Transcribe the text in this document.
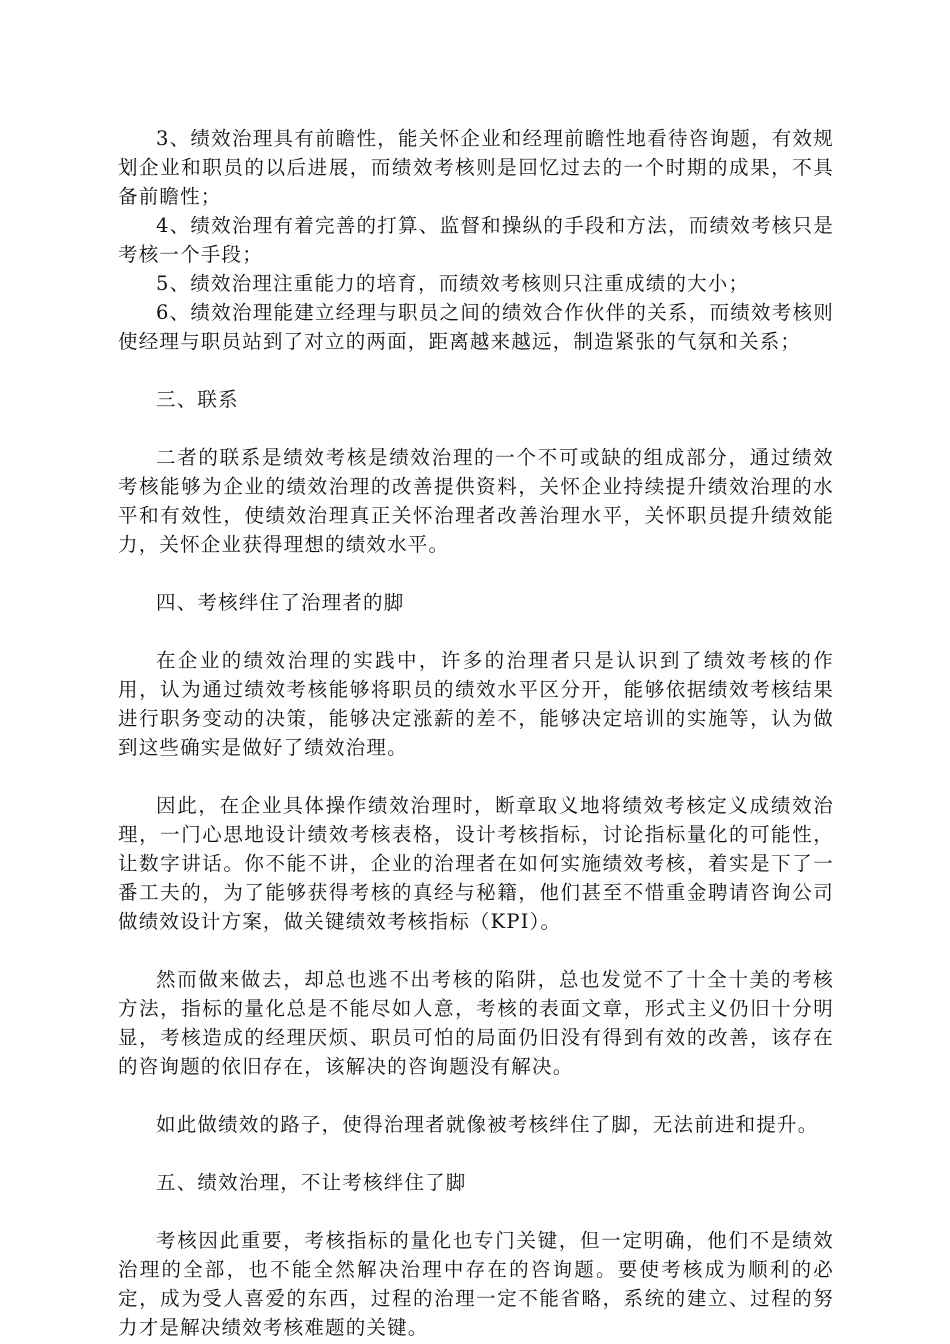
3、绩效治理具有前瞻性，能关怀企业和经理前瞻性地看待咨询题，有效规划企业和职员的以后进展，而绩效考核则是回忆过去的一个时期的成果，不具备前瞻性；

4、绩效治理有着完善的打算、监督和操纵的手段和方法，而绩效考核只是考核一个手段；

5、绩效治理注重能力的培育，而绩效考核则只注重成绩的大小；

6、绩效治理能建立经理与职员之间的绩效合作伙伴的关系，而绩效考核则使经理与职员站到了对立的两面，距离越来越远，制造紧张的气氛和关系；

三、联系

二者的联系是绩效考核是绩效治理的一个不可或缺的组成部分，通过绩效考核能够为企业的绩效治理的改善提供资料，关怀企业持续提升绩效治理的水平和有效性，使绩效治理真正关怀治理者改善治理水平，关怀职员提升绩效能力，关怀企业获得理想的绩效水平。

四、考核绊住了治理者的脚

在企业的绩效治理的实践中，许多的治理者只是认识到了绩效考核的作用，认为通过绩效考核能够将职员的绩效水平区分开，能够依据绩效考核结果进行职务变动的决策，能够决定涨薪的差不，能够决定培训的实施等，认为做到这些确实是做好了绩效治理。

因此，在企业具体操作绩效治理时，断章取义地将绩效考核定义成绩效治理，一门心思地设计绩效考核表格，设计考核指标，讨论指标量化的可能性，让数字讲话。你不能不讲，企业的治理者在如何实施绩效考核，着实是下了一番工夫的，为了能够获得考核的真经与秘籍，他们甚至不惜重金聘请咨询公司做绩效设计方案，做关键绩效考核指标（KPI）。

然而做来做去，却总也逃不出考核的陷阱，总也发觉不了十全十美的考核方法，指标的量化总是不能尽如人意，考核的表面文章，形式主义仍旧十分明显，考核造成的经理厌烦、职员可怕的局面仍旧没有得到有效的改善，该存在的咨询题的依旧存在，该解决的咨询题没有解决。

如此做绩效的路子，使得治理者就像被考核绊住了脚，无法前进和提升。

五、绩效治理，不让考核绊住了脚

考核因此重要，考核指标的量化也专门关键，但一定明确，他们不是绩效治理的全部，也不能全然解决治理中存在的咨询题。要使考核成为顺利的必定，成为受人喜爱的东西，过程的治理一定不能省略，系统的建立、过程的努力才是解决绩效考核难题的关键。
